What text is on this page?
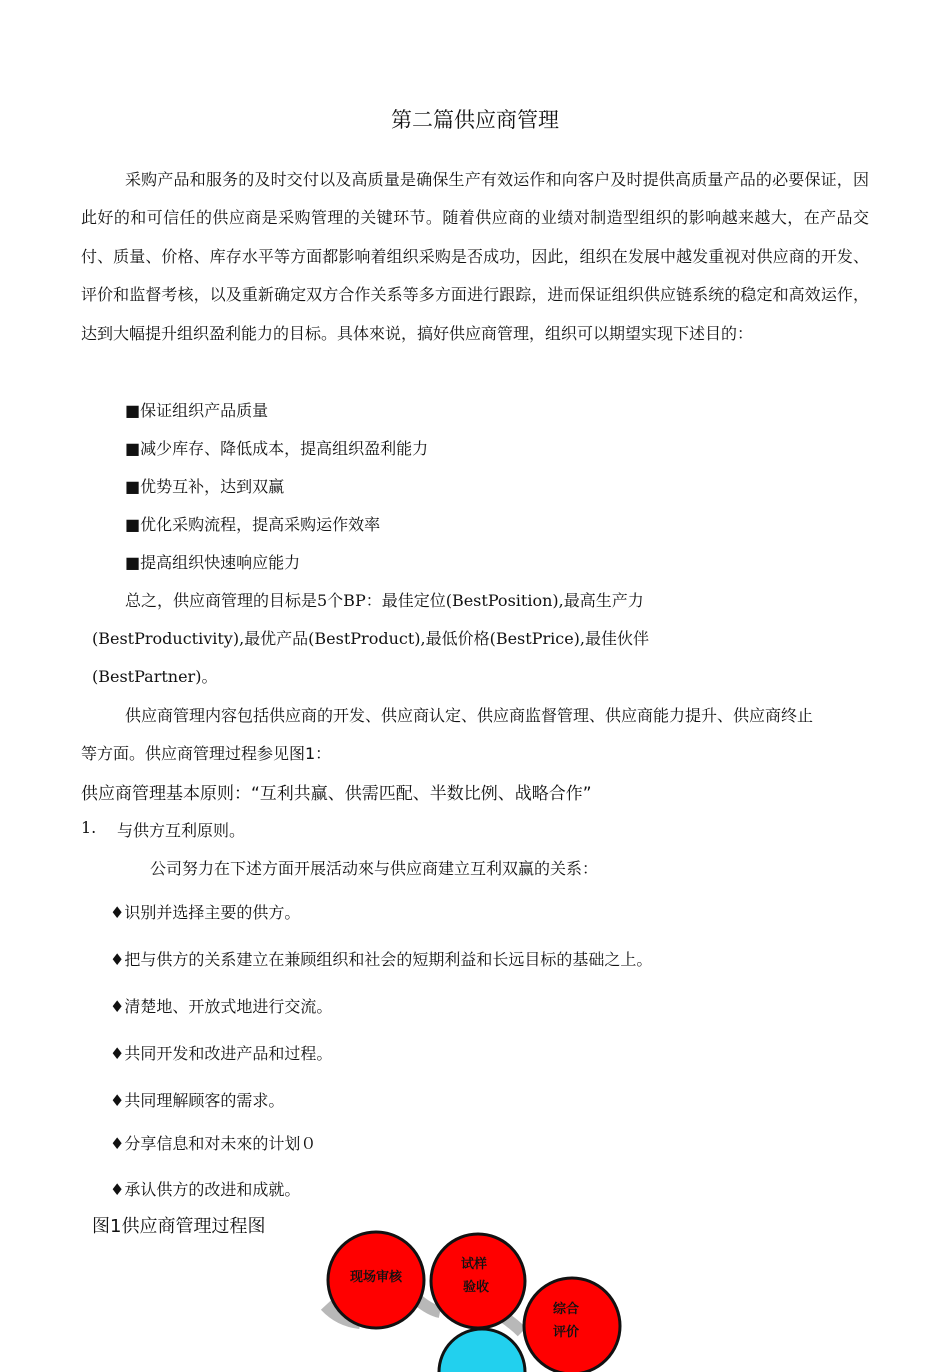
第二篇供应商管理

采购产品和服务的及时交付以及高质量是确保生产有效运作和向客户及时提供高质量产品的必要保证，因此好的和可信任的供应商是采购管理的关键环节。随着供应商的业绩对制造型组织的影响越来越大，在产品交付、质量、价格、库存水平等方面都影响着组织采购是否成功，因此，组织在发展中越发重视对供应商的开发、评价和监督考核，以及重新确定双方合作关系等多方面进行跟踪，进而保证组织供应链系统的稳定和高效运作，达到大幅提升组织盈利能力的目标。具体來说，搞好供应商管理，组织可以期望实现下述目的：

■保证组织产品质量
■减少库存、降低成本，提高组织盈利能力
■优势互补，达到双赢
■优化采购流程，提高采购运作效率
■提高组织快速响应能力
总之，供应商管理的目标是5个BP：最佳定位(BestPosition),最高生产力
(BestProductivity),最优产品(BestProduct),最低价格(BestPrice),最佳伙伴
(BestPartner)。
供应商管理内容包括供应商的开发、供应商认定、供应商监督管理、供应商能力提升、供应商终止
等方面。供应商管理过程参见图1：
供应商管理基本原则：“互利共赢、供需匹配、半数比例、战略合作”
1. 与供方互利原则。
公司努力在下述方面开展活动來与供应商建立互利双赢的关系：
♦识别并选择主要的供方。
♦把与供方的关系建立在兼顾组织和社会的短期利益和长远目标的基础之上。
♦清楚地、开放式地进行交流。
♦共同开发和改进产品和过程。
♦共同理解顾客的需求。
♦分享信息和对未來的计划０
♦承认供方的改进和成就。
图1供应商管理过程图
现场审核
试样
验收
综合
评价
